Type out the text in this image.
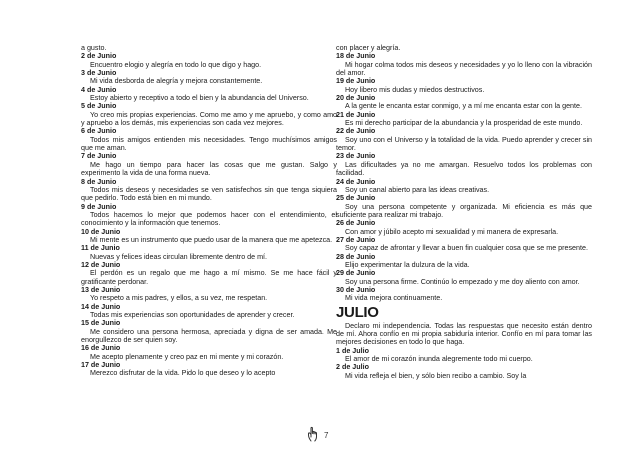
a gusto.

2 de Junio

Encuentro elogio y alegría en todo lo que digo y hago.

3 de Junio

Mi vida desborda de alegría y mejora constantemente.

4 de Junio

Estoy abierto y receptivo a todo el bien y la abundancia del Universo.

5 de Junio

Yo creo mis propias experiencias. Como me amo y me apruebo, y como amo y apruebo a los demás, mis experiencias son cada vez mejores.

6 de Junio

Todos mis amigos entienden mis necesidades. Tengo muchísimos amigos que me aman.

7 de Junio

Me hago un tiempo para hacer las cosas que me gustan. Salgo y experimento la vida de una forma nueva.

8 de Junio

Todos mis deseos y necesidades se ven satisfechos sin que tenga siquiera que pedirlo. Todo está bien en mi mundo.

9 de Junio

Todos hacemos lo mejor que podemos hacer con el entendimiento, el conocimiento y la información que tenemos.

10 de Junio

Mi mente es un instrumento que puedo usar de la manera que me apetezca.

11 de Junio

Nuevas y felices ideas circulan libremente dentro de mí.

12 de Junio

El perdón es un regalo que me hago a mí mismo. Se me hace fácil y gratificante perdonar.

13 de Junio

Yo respeto a mis padres, y ellos, a su vez, me respetan.

14 de Junio

Todas mis experiencias son oportunidades de aprender y crecer.

15 de Junio

Me considero una persona hermosa, apreciada y digna de ser amada. Me enorgullezco de ser quien soy.

16 de Junio

Me acepto plenamente y creo paz en mi mente y mi corazón.

17 de Junio

Merezco disfrutar de la vida. Pido lo que deseo y lo acepto

con placer y alegría.

18 de Junio

Mi hogar colma todos mis deseos y necesidades y yo lo lleno con la vibración del amor.

19 de Junio

Hoy libero mis dudas y miedos destructivos.

20 de Junio

A la gente le encanta estar conmigo, y a mí me encanta estar con la gente.

21 de Junio

Es mi derecho participar de la abundancia y la prosperidad de este mundo.

22 de Junio

Soy uno con el Universo y la totalidad de la vida. Puedo aprender y crecer sin temor.

23 de Junio

Las dificultades ya no me amargan. Resuelvo todos los problemas con facilidad.

24 de Junio

Soy un canal abierto para las ideas creativas.

25 de Junio

Soy una persona competente y organizada. Mi eficiencia es más que suficiente para realizar mi trabajo.

26 de Junio

Con amor y júbilo acepto mi sexualidad y mi manera de expresarla.

27 de Junio

Soy capaz de afrontar y llevar a buen fin cualquier cosa que se me presente.

28 de Junio

Elijo experimentar la dulzura de la vida.

29 de Junio

Soy una persona firme. Continúo lo empezado y me doy aliento con amor.

30 de Junio

Mi vida mejora continuamente.

JULIO

Declaro mi independencia. Todas las respuestas que necesito están dentro de mí. Ahora confío en mi propia sabiduría interior. Confío en mí para tomar las mejores decisiones en todo lo que haga.

1 de Julio

El amor de mi corazón inunda alegremente todo mi cuerpo.

2 de Julio

Mi vida refleja el bien, y sólo bien recibo a cambio. Soy la

7
